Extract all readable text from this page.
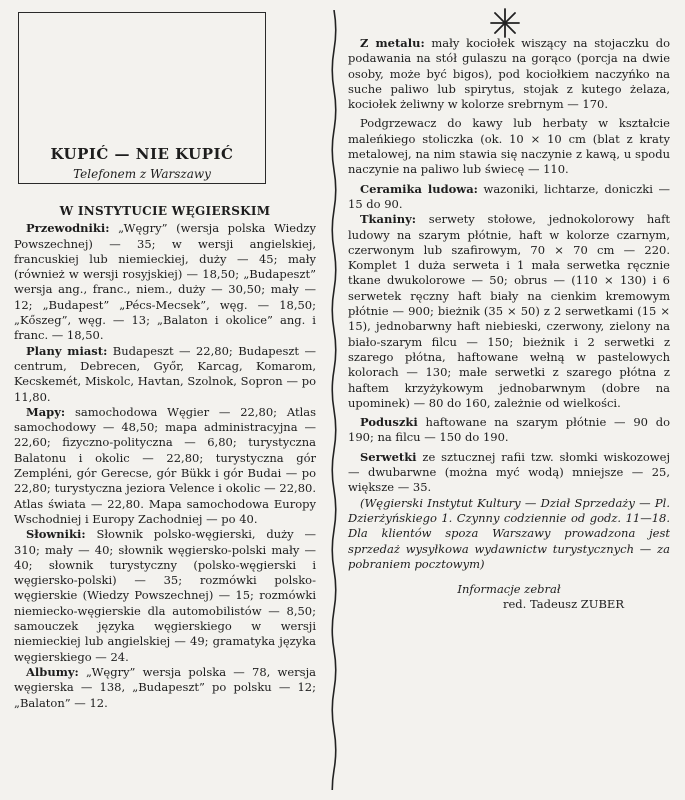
KUPIĆ — NIE KUPIĆ
Telefonem z Warszawy
W INSTYTUCIE WĘGIERSKIM

Przewodniki: „Węgry” (wersja polska Wiedzy Powszechnej) — 35; w wersji angielskiej, francuskiej lub niemieckiej, duży — 45; mały (również w wersji rosyjskiej) — 18,50; „Budapeszt” wersja ang., franc., niem., duży — 30,50; mały — 12; „Budapest” „Pécs-Mecsek”, węg. — 18,50; „Kőszeg”, węg. — 13; „Balaton i okolice” ang. i franc. — 18,50.

Plany miast: Budapeszt — 22,80; Budapeszt — centrum, Debrecen, Győr, Karcag, Komarom, Kecskemét, Miskolc, Havtan, Szolnok, Sopron — po 11,80.

Mapy: samochodowa Węgier — 22,80; Atlas samochodowy — 48,50; mapa administracyjna — 22,60; fizyczno-polityczna — 6,80; turystyczna Balatonu i okolic — 22,80; turystyczna gór Zempléni, gór Gerecse, gór Bükk i gór Budai — po 22,80; turystyczna jeziora Velence i okolic — 22,80. Atlas świata — 22,80. Mapa samochodowa Europy Wschodniej i Europy Zachodniej — po 40.

Słowniki: Słownik polsko-węgierski, duży — 310; mały — 40; słownik węgiersko-polski mały — 40; słownik turystyczny (polsko-węgierski i węgiersko-polski) — 35; rozmówki polsko-węgierskie (Wiedzy Powszechnej) — 15; rozmówki niemiecko-węgierskie dla automobilistów — 8,50; samouczek języka węgierskiego w wersji niemieckiej lub angielskiej — 49; gramatyka języka węgierskiego — 24.

Albumy: „Węgry” wersja polska — 78, wersja węgierska — 138, „Budapeszt” po polsku — 12; „Balaton” — 12.

Z metalu: mały kociołek wiszący na stojaczku do podawania na stół gulaszu na gorąco (porcja na dwie osoby, może być bigos), pod kociołkiem naczyńko na suche paliwo lub spirytus, stojak z kutego żelaza, kociołek żeliwny w kolorze srebrnym — 170.

Podgrzewacz do kawy lub herbaty w kształcie maleńkiego stoliczka (ok. 10 × 10 cm (blat z kraty metalowej, na nim stawia się naczynie z kawą, u spodu naczynie na paliwo lub świecę — 110.

Ceramika ludowa: wazoniki, lichtarze, doniczki — 15 do 90.

Tkaniny: serwety stołowe, jednokolorowy haft ludowy na szarym płótnie, haft w kolorze czarnym, czerwonym lub szafirowym, 70 × 70 cm — 220. Komplet 1 duża serweta i 1 mała serwetka ręcznie tkane dwukolorowe — 50; obrus — (110 × 130) i 6 serwetek ręczny haft biały na cienkim kremowym płótnie — 900; bieżnik (35 × 50) z 2 serwetkami (15 × 15), jednobarwny haft niebieski, czerwony, zielony na biało-szarym filcu — 150; bieżnik i 2 serwetki z szarego płótna, haftowane wełną w pastelowych kolorach — 130; małe serwetki z szarego płótna z haftem krzyżykowym jednobarwnym (dobre na upominek) — 80 do 160, zależnie od wielkości.

Poduszki haftowane na szarym płótnie — 90 do 190; na filcu — 150 do 190.

Serwetki ze sztucznej rafii tzw. słomki wiskozowej — dwubarwne (można myć wodą) mniejsze — 25, większe — 35.

(Węgierski Instytut Kultury — Dział Sprzedaży — Pl. Dzierżyńskiego 1. Czynny codziennie od godz. 11—18. Dla klientów spoza Warszawy prowadzona jest sprzedaż wysyłkowa wydawnictw turystycznych — za pobraniem pocztowym)

Informacje zebrał
red. Tadeusz ZUBER
